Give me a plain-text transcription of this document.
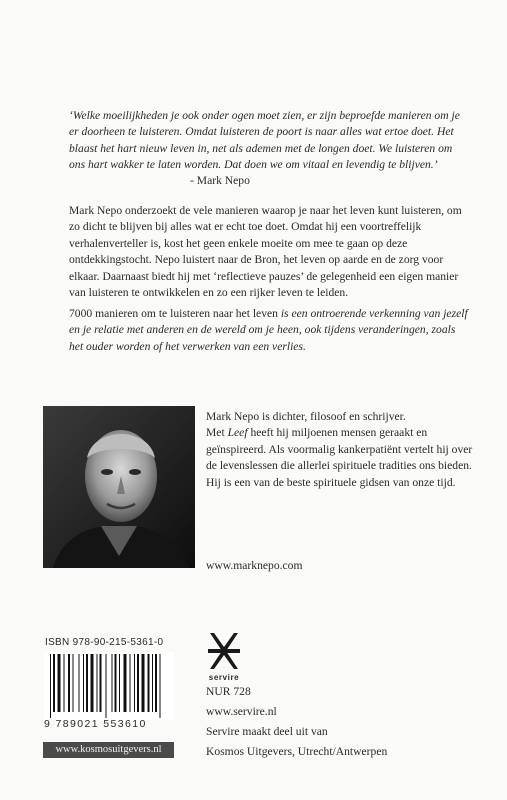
‘Welke moeilijkheden je ook onder ogen moet zien, er zijn beproefde manieren om je er doorheen te luisteren. Omdat luisteren de poort is naar alles wat ertoe doet. Het blaast het hart nieuw leven in, net als ademen met de longen doet. We luisteren om ons hart wakker te laten worden. Dat doen we om vitaal en levendig te blijven.’

- Mark Nepo

Mark Nepo onderzoekt de vele manieren waarop je naar het leven kunt luisteren, om zo dicht te blijven bij alles wat er echt toe doet. Omdat hij een voortreffelijk verhalenverteller is, kost het geen enkele moeite om mee te gaan op deze ontdekkingstocht. Nepo luistert naar de Bron, het leven op aarde en de zorg voor elkaar. Daarnaast biedt hij met ‘reflectieve pauzes’ de gelegenheid een eigen manier van luisteren te ontwikkelen en zo een rijker leven te leiden.

7000 manieren om te luisteren naar het leven is een ontroerende verkenning van jezelf en je relatie met anderen en de wereld om je heen, ook tijdens veranderingen, zoals het ouder worden of het verwerken van een verlies.

Mark Nepo is dichter, filosoof en schrijver.
Met Leef heeft hij miljoenen mensen geraakt en geïnspireerd. Als voormalig kankerpatiënt vertelt hij over de levenslessen die allerlei spirituele tradities ons bieden. Hij is een van de beste spirituele gidsen van onze tijd.

www.marknepo.com

ISBN 978-90-215-5361-0

9 789021 553610

www.kosmosuitgevers.nl

servire

NUR 728

www.servire.nl

Servire maakt deel uit van

Kosmos Uitgevers, Utrecht/Antwerpen
